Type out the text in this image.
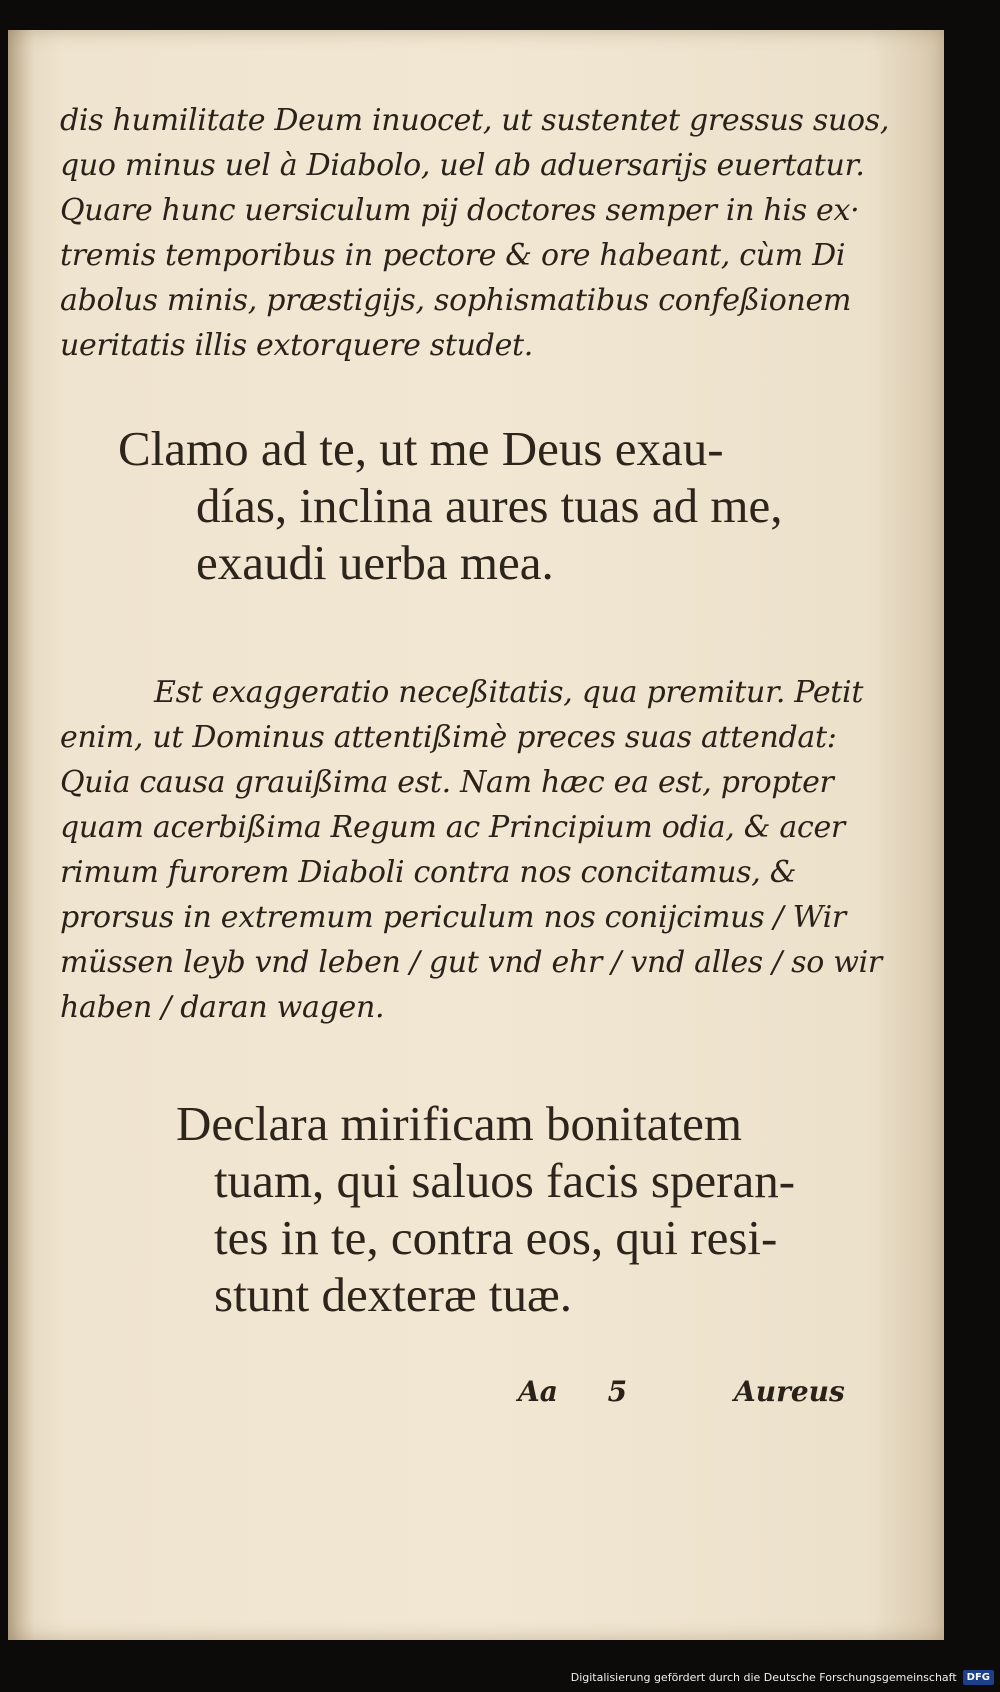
dis humilitate Deum inuocet, ut sustentet gressus suos,
quo minus uel à Diabolo, uel ab aduersarijs euertatur.
Quare hunc uersiculum pij doctores semper in his ex·
tremis temporibus in pectore & ore habeant, cùm Di
abolus minis, præstigijs, sophismatibus confeßionem
ueritatis illis extorquere studet.
Clamo ad te, ut me Deus exau-
días, inclina aures tuas ad me,
exaudi uerba mea.
Est exaggeratio neceßitatis, qua premitur. Petit
enim, ut Dominus attentißimè preces suas attendat:
Quia causa grauißima est. Nam hæc ea est, propter
quam acerbißima Regum ac Principium odia, & acer
rimum furorem Diaboli contra nos concitamus, &
prorsus in extremum periculum nos conijcimus / Wir
müssen leyb vnd leben / gut vnd ehr / vnd alles / so wir
haben / daran wagen.
Declara mirificam bonitatem
tuam, qui saluos facis speran-
tes in te, contra eos, qui resi-
stunt dexteræ tuæ.
Aa 5	Aureus
Digitalisierung gefördert durch die Deutsche Forschungsgemeinschaft	DFG
